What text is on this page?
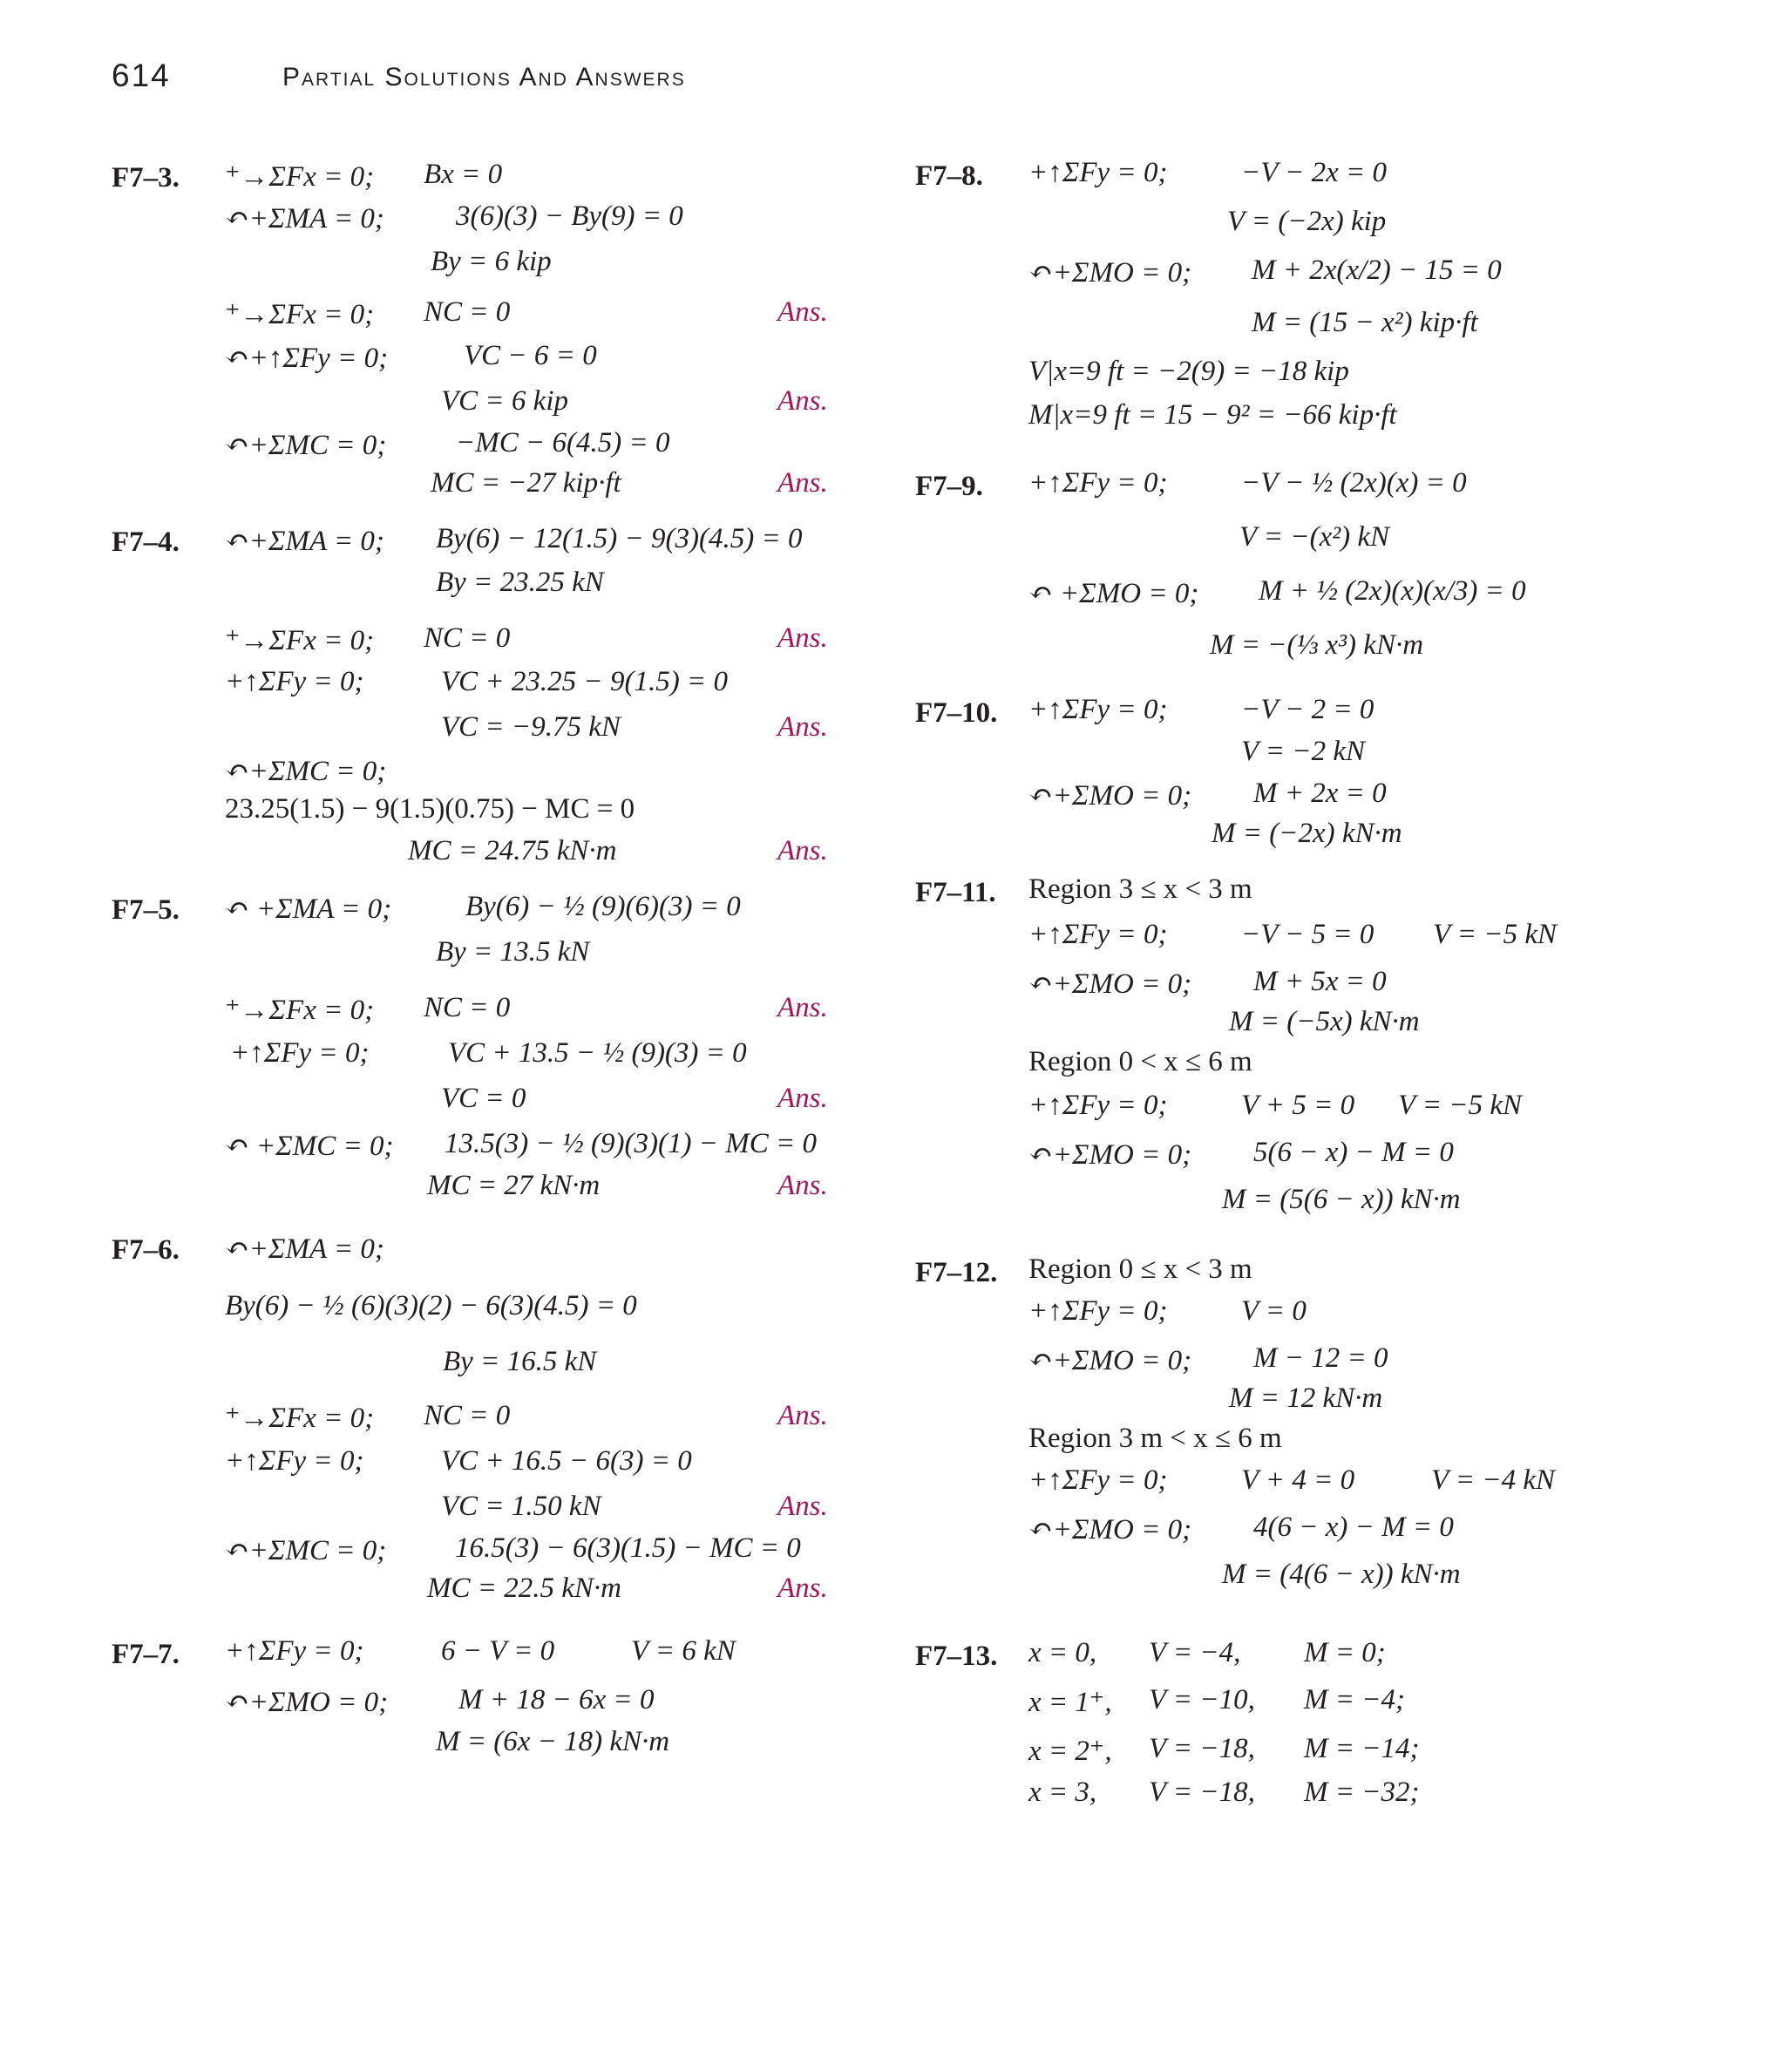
614	Partial Solutions And Answers
F7–3. ⁺→ΣFx = 0; Bx = 0
↶+ΣMA = 0; 3(6)(3) − By(9) = 0
By = 6 kip
⁺→ΣFx = 0; NC = 0	Ans.
↶+↑ΣFy = 0;	VC − 6 = 0
VC = 6 kip	Ans.
↶+ΣMC = 0; −MC − 6(4.5) = 0
MC = −27 kip·ft	Ans.
F7–4. ↶+ΣMA = 0; By(6) − 12(1.5) − 9(3)(4.5) = 0
By = 23.25 kN
⁺→ΣFx = 0; NC = 0	Ans.
+↑ΣFy = 0;	VC + 23.25 − 9(1.5) = 0
VC = −9.75 kN	Ans.
↶+ΣMC = 0;
23.25(1.5) − 9(1.5)(0.75) − MC = 0
MC = 24.75 kN·m	Ans.
F7–5. ↶ +ΣMA = 0;	By(6) − ½ (9)(6)(3) = 0
By = 13.5 kN
⁺→ΣFx = 0; NC = 0	Ans.
+↑ΣFy = 0;	VC + 13.5 − ½ (9)(3) = 0
VC = 0	Ans.
↶ +ΣMC = 0; 13.5(3) − ½ (9)(3)(1) − MC = 0
MC = 27 kN·m	Ans.
F7–6. ↶+ΣMA = 0;
By(6) − ½ (6)(3)(2) − 6(3)(4.5) = 0
By = 16.5 kN
⁺→ΣFx = 0; NC = 0	Ans.
+↑ΣFy = 0;	VC + 16.5 − 6(3) = 0
VC = 1.50 kN	Ans.
↶+ΣMC = 0; 16.5(3) − 6(3)(1.5) − MC = 0
MC = 22.5 kN·m	Ans.
F7–7. +↑ΣFy = 0;	6 − V = 0	V = 6 kN
↶+ΣMO = 0; M + 18 − 6x = 0
M = (6x − 18) kN·m
F7–8. +↑ΣFy = 0;	−V − 2x = 0
V = (−2x) kip
↶+ΣMO = 0; M + 2x(x/2) − 15 = 0
M = (15 − x²) kip·ft
V|x=9 ft = −2(9) = −18 kip
M|x=9 ft = 15 − 9² = −66 kip·ft
F7–9. +↑ΣFy = 0;	−V − ½ (2x)(x) = 0
V = −(x²) kN
↶ +ΣMO = 0; M + ½ (2x)(x)(x/3) = 0
M = −(⅓ x³) kN·m
F7–10. +↑ΣFy = 0;	−V − 2 = 0
V = −2 kN
↶+ΣMO = 0; M + 2x = 0
M = (−2x) kN·m
F7–11. Region 3 ≤ x < 3 m
+↑ΣFy = 0;	−V − 5 = 0 V = −5 kN
↶+ΣMO = 0; M + 5x = 0
M = (−5x) kN·m
Region 0 < x ≤ 6 m
+↑ΣFy = 0;	V + 5 = 0 V = −5 kN
↶+ΣMO = 0; 5(6 − x) − M = 0
M = (5(6 − x)) kN·m
F7–12. Region 0 ≤ x < 3 m
+↑ΣFy = 0;	V = 0
↶+ΣMO = 0; M − 12 = 0
M = 12 kN·m
Region 3 m < x ≤ 6 m
+↑ΣFy = 0;	V + 4 = 0	V = −4 kN
↶+ΣMO = 0; 4(6 − x) − M = 0
M = (4(6 − x)) kN·m
F7–13. x = 0, V = −4, M = 0;
x = 1⁺, V = −10, M = −4;
x = 2⁺, V = −18, M = −14;
x = 3, V = −18, M = −32;
